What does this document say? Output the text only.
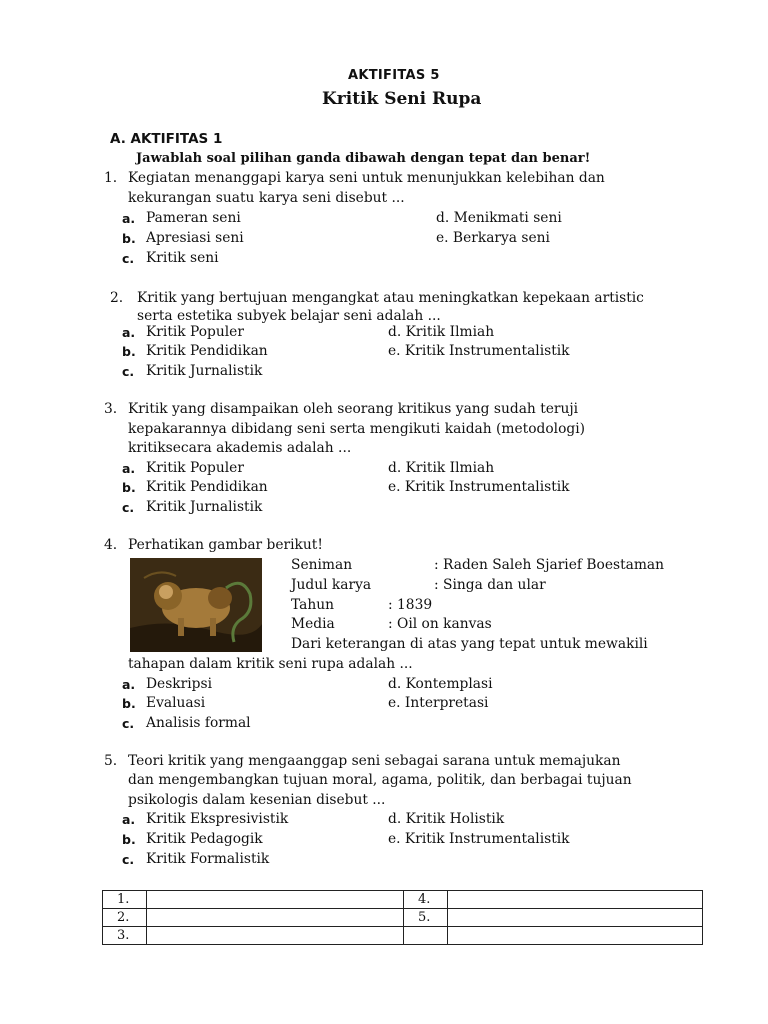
AKTIFITAS 5
Kritik Seni Rupa
A. AKTIFITAS 1
Jawablah soal pilihan ganda dibawah dengan tepat dan benar!
1. Kegiatan menanggapi karya seni untuk menunjukkan kelebihan dan
kekurangan suatu karya seni disebut ...
a. Pameran seni
b. Apresiasi seni
c. Kritik seni
d. Menikmati seni
e. Berkarya seni
2. Kritik yang bertujuan mengangkat atau meningkatkan kepekaan artistic
serta estetika subyek belajar seni adalah ...
a. Kritik Populer
b. Kritik Pendidikan
c. Kritik Jurnalistik
d. Kritik Ilmiah
e. Kritik Instrumentalistik
3. Kritik yang disampaikan oleh seorang kritikus yang sudah teruji
kepakarannya dibidang seni serta mengikuti kaidah (metodologi)
kritiksecara akademis adalah ...
a. Kritik Populer
b. Kritik Pendidikan
c. Kritik Jurnalistik
d. Kritik Ilmiah
e. Kritik Instrumentalistik
4. Perhatikan gambar berikut!
Seniman	: Raden Saleh Sjarief Boestaman
Judul karya	: Singa dan ular
Tahun	: 1839
Media	: Oil on kanvas
Dari keterangan di atas yang tepat untuk mewakili
tahapan dalam kritik seni rupa adalah ...
a. Deskripsi
b. Evaluasi
c. Analisis formal
d. Kontemplasi
e. Interpretasi
5. Teori kritik yang mengaanggap seni sebagai sarana untuk memajukan
dan mengembangkan tujuan moral, agama, politik, dan berbagai tujuan
psikologis dalam kesenian disebut ...
a. Kritik Ekspresivistik
b. Kritik Pedagogik
c. Kritik Formalistik
d. Kritik Holistik
e. Kritik Instrumentalistik
1.		4.	
2.		5.	
3.			
